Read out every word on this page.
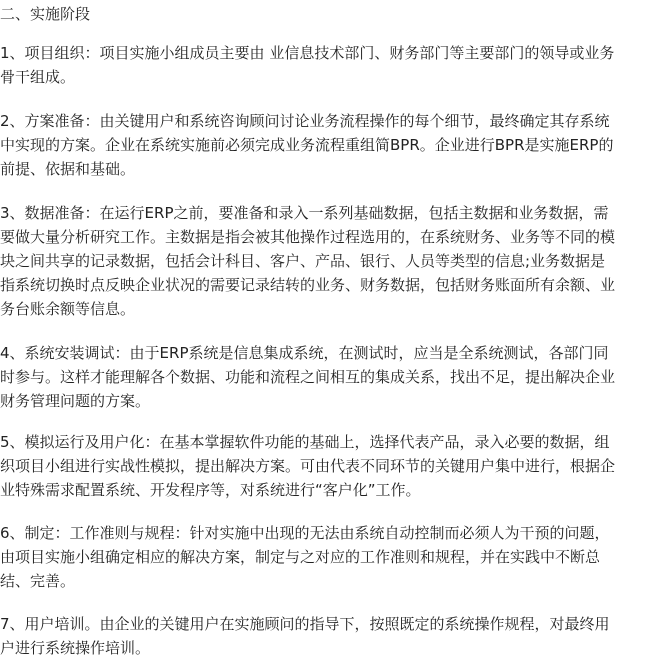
二、实施阶段
1、项目组织：项目实施小组成员主要由 业信息技术部门、财务部门等主要部门的领导或业务
骨干组成。
2、方案准备：由关键用户和系统咨询顾问讨论业务流程操作的每个细节，最终确定其存系统
中实现的方案。企业在系统实施前必须完成业务流程重组简BPR。企业进行BPR是实施ERP的
前提、依据和基础。
3、数据准备：在运行ERP之前，要准备和录入一系列基础数据，包括主数据和业务数据，需
要做大量分析研究工作。主数据是指会被其他操作过程选用的，在系统财务、业务等不同的模
块之间共享的记录数据，包括会计科目、客户、产品、银行、人员等类型的信息;业务数据是
指系统切换时点反映企业状况的需要记录结转的业务、财务数据，包括财务账面所有余额、业
务台账余额等信息。
4、系统安装调试：由于ERP系统是信息集成系统，在测试时，应当是全系统测试，各部门同
时参与。这样才能理解各个数据、功能和流程之间相互的集成关系，找出不足，提出解决企业
财务管理问题的方案。
5、模拟运行及用户化：在基本掌握软件功能的基础上，选择代表产品，录入必要的数据，组
织项目小组进行实战性模拟，提出解决方案。可由代表不同环节的关键用户集中进行，根据企
业特殊需求配置系统、开发程序等，对系统进行“客户化”工作。
6、制定：工作准则与规程：针对实施中出现的无法由系统自动控制而必须人为干预的问题，
由项目实施小组确定相应的解决方案，制定与之对应的工作准则和规程，并在实践中不断总
结、完善。
7、用户培训。由企业的关键用户在实施顾问的指导下，按照既定的系统操作规程，对最终用
户进行系统操作培训。
